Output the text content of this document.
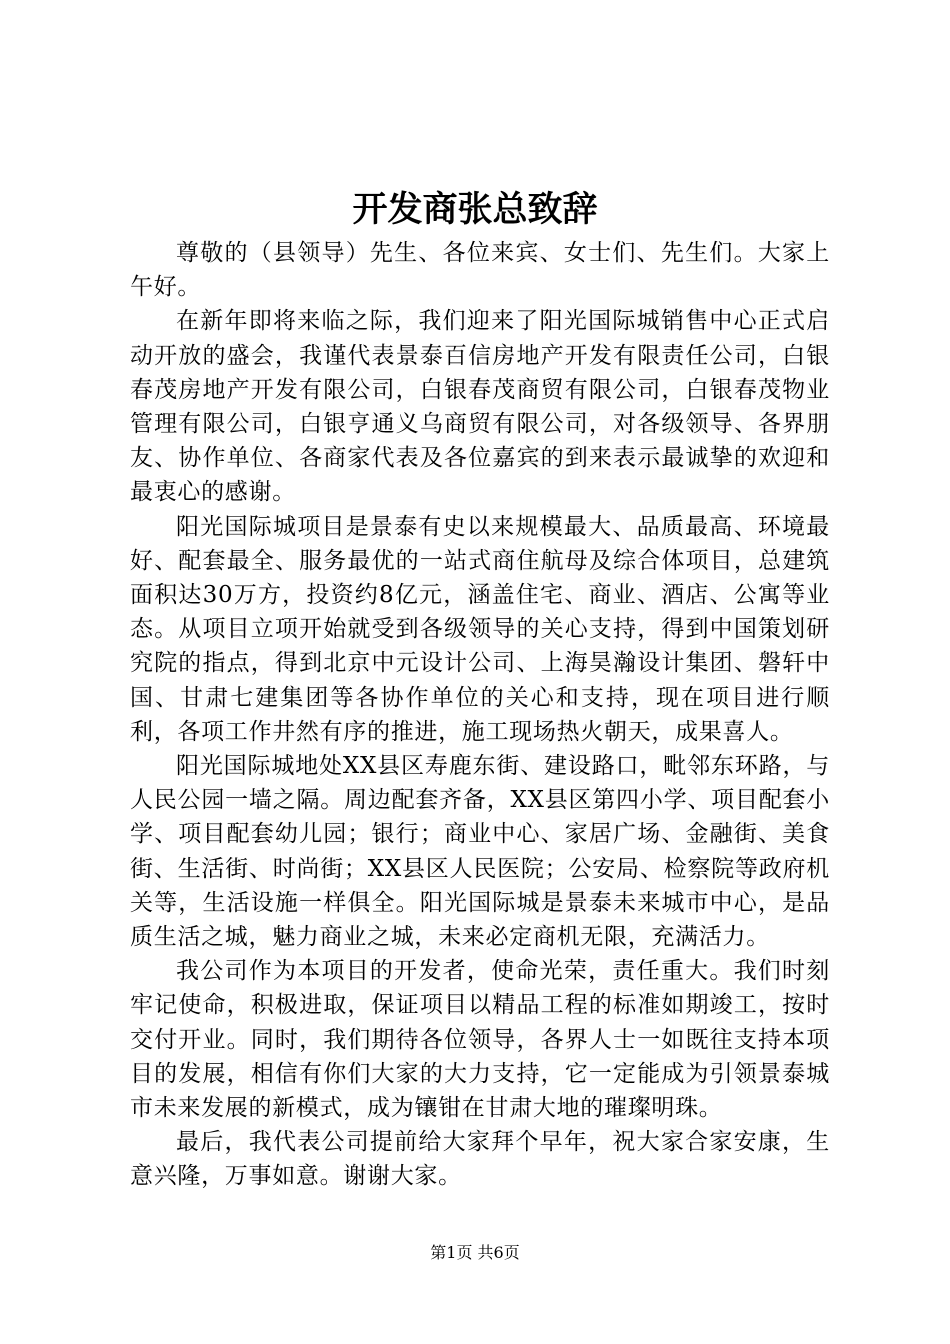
开发商张总致辞

尊敬的（县领导）先生、各位来宾、女士们、先生们。大家上午好。

在新年即将来临之际，我们迎来了阳光国际城销售中心正式启动开放的盛会，我谨代表景泰百信房地产开发有限责任公司，白银春茂房地产开发有限公司，白银春茂商贸有限公司，白银春茂物业管理有限公司，白银亨通义乌商贸有限公司，对各级领导、各界朋友、协作单位、各商家代表及各位嘉宾的到来表示最诚挚的欢迎和最衷心的感谢。

阳光国际城项目是景泰有史以来规模最大、品质最高、环境最好、配套最全、服务最优的一站式商住航母及综合体项目，总建筑面积达30万方，投资约8亿元，涵盖住宅、商业、酒店、公寓等业态。从项目立项开始就受到各级领导的关心支持，得到中国策划研究院的指点，得到北京中元设计公司、上海昊瀚设计集团、磐轩中国、甘肃七建集团等各协作单位的关心和支持，现在项目进行顺利，各项工作井然有序的推进，施工现场热火朝天，成果喜人。

阳光国际城地处XX县区寿鹿东街、建设路口，毗邻东环路，与人民公园一墙之隔。周边配套齐备，XX县区第四小学、项目配套小学、项目配套幼儿园；银行；商业中心、家居广场、金融街、美食街、生活街、时尚街；XX县区人民医院；公安局、检察院等政府机关等，生活设施一样俱全。阳光国际城是景泰未来城市中心，是品质生活之城，魅力商业之城，未来必定商机无限，充满活力。

我公司作为本项目的开发者，使命光荣，责任重大。我们时刻牢记使命，积极进取，保证项目以精品工程的标准如期竣工，按时交付开业。同时，我们期待各位领导，各界人士一如既往支持本项目的发展，相信有你们大家的大力支持，它一定能成为引领景泰城市未来发展的新模式，成为镶钳在甘肃大地的璀璨明珠。

最后，我代表公司提前给大家拜个早年，祝大家合家安康，生意兴隆，万事如意。谢谢大家。

第1页 共6页
